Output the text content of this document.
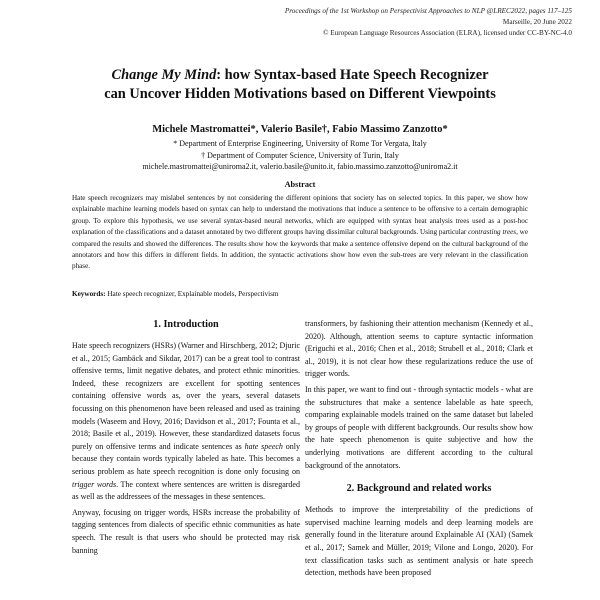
Proceedings of the 1st Workshop on Perspectivist Approaches to NLP @LREC2022, pages 117–125
Marseille, 20 June 2022
© European Language Resources Association (ELRA), licensed under CC-BY-NC-4.0
Change My Mind: how Syntax-based Hate Speech Recognizer
can Uncover Hidden Motivations based on Different Viewpoints
Michele Mastromattei*, Valerio Basile†, Fabio Massimo Zanzotto*
* Department of Enterprise Engineering, University of Rome Tor Vergata, Italy
† Department of Computer Science, University of Turin, Italy
michele.mastromattei@uniroma2.it, valerio.basile@unito.it, fabio.massimo.zanzotto@uniroma2.it
Abstract
Hate speech recognizers may mislabel sentences by not considering the different opinions that society has on selected topics. In this paper, we show how explainable machine learning models based on syntax can help to understand the motivations that induce a sentence to be offensive to a certain demographic group. To explore this hypothesis, we use several syntax-based neural networks, which are equipped with syntax heat analysis trees used as a post-hoc explanation of the classifications and a dataset annotated by two different groups having dissimilar cultural backgrounds. Using particular contrasting trees, we compared the results and showed the differences. The results show how the keywords that make a sentence offensive depend on the cultural background of the annotators and how this differs in different fields. In addition, the syntactic activations show how even the sub-trees are very relevant in the classification phase.
Keywords: Hate speech recognizer, Explainable models, Perspectivism
1. Introduction

Hate speech recognizers (HSRs) (Warner and Hirschberg, 2012; Djuric et al., 2015; Gambäck and Sikdar, 2017) can be a great tool to contrast offensive terms, limit negative debates, and protect ethnic minorities. Indeed, these recognizers are excellent for spotting sentences containing offensive words as, over the years, several datasets focussing on this phenomenon have been released and used as training models (Waseem and Hovy, 2016; Davidson et al., 2017; Founta et al., 2018; Basile et al., 2019). However, these standardized datasets focus purely on offensive terms and indicate sentences as hate speech only because they contain words typically labeled as hate. This becomes a serious problem as hate speech recognition is done only focusing on trigger words. The context where sentences are written is disregarded as well as the addressees of the messages in these sentences.

Anyway, focusing on trigger words, HSRs increase the probability of tagging sentences from dialects of specific ethnic communities as hate speech. The result is that users who should be protected may risk banning

transformers, by fashioning their attention mechanism (Kennedy et al., 2020). Although, attention seems to capture syntactic information (Eriguchi et al., 2016; Chen et al., 2018; Strubell et al., 2018; Clark et al., 2019), it is not clear how these regularizations reduce the use of trigger words.

In this paper, we want to find out - through syntactic models - what are the substructures that make a sentence labelable as hate speech, comparing explainable models trained on the same dataset but labeled by groups of people with different backgrounds. Our results show how the hate speech phenomenon is quite subjective and how the underlying motivations are different according to the cultural background of the annotators.

2. Background and related works

Methods to improve the interpretability of the predictions of supervised machine learning models and deep learning models are generally found in the literature around Explainable AI (XAI) (Samek et al., 2017; Samek and Müller, 2019; Vilone and Longo, 2020). For text classification tasks such as sentiment analysis or hate speech detection, methods have been proposed
